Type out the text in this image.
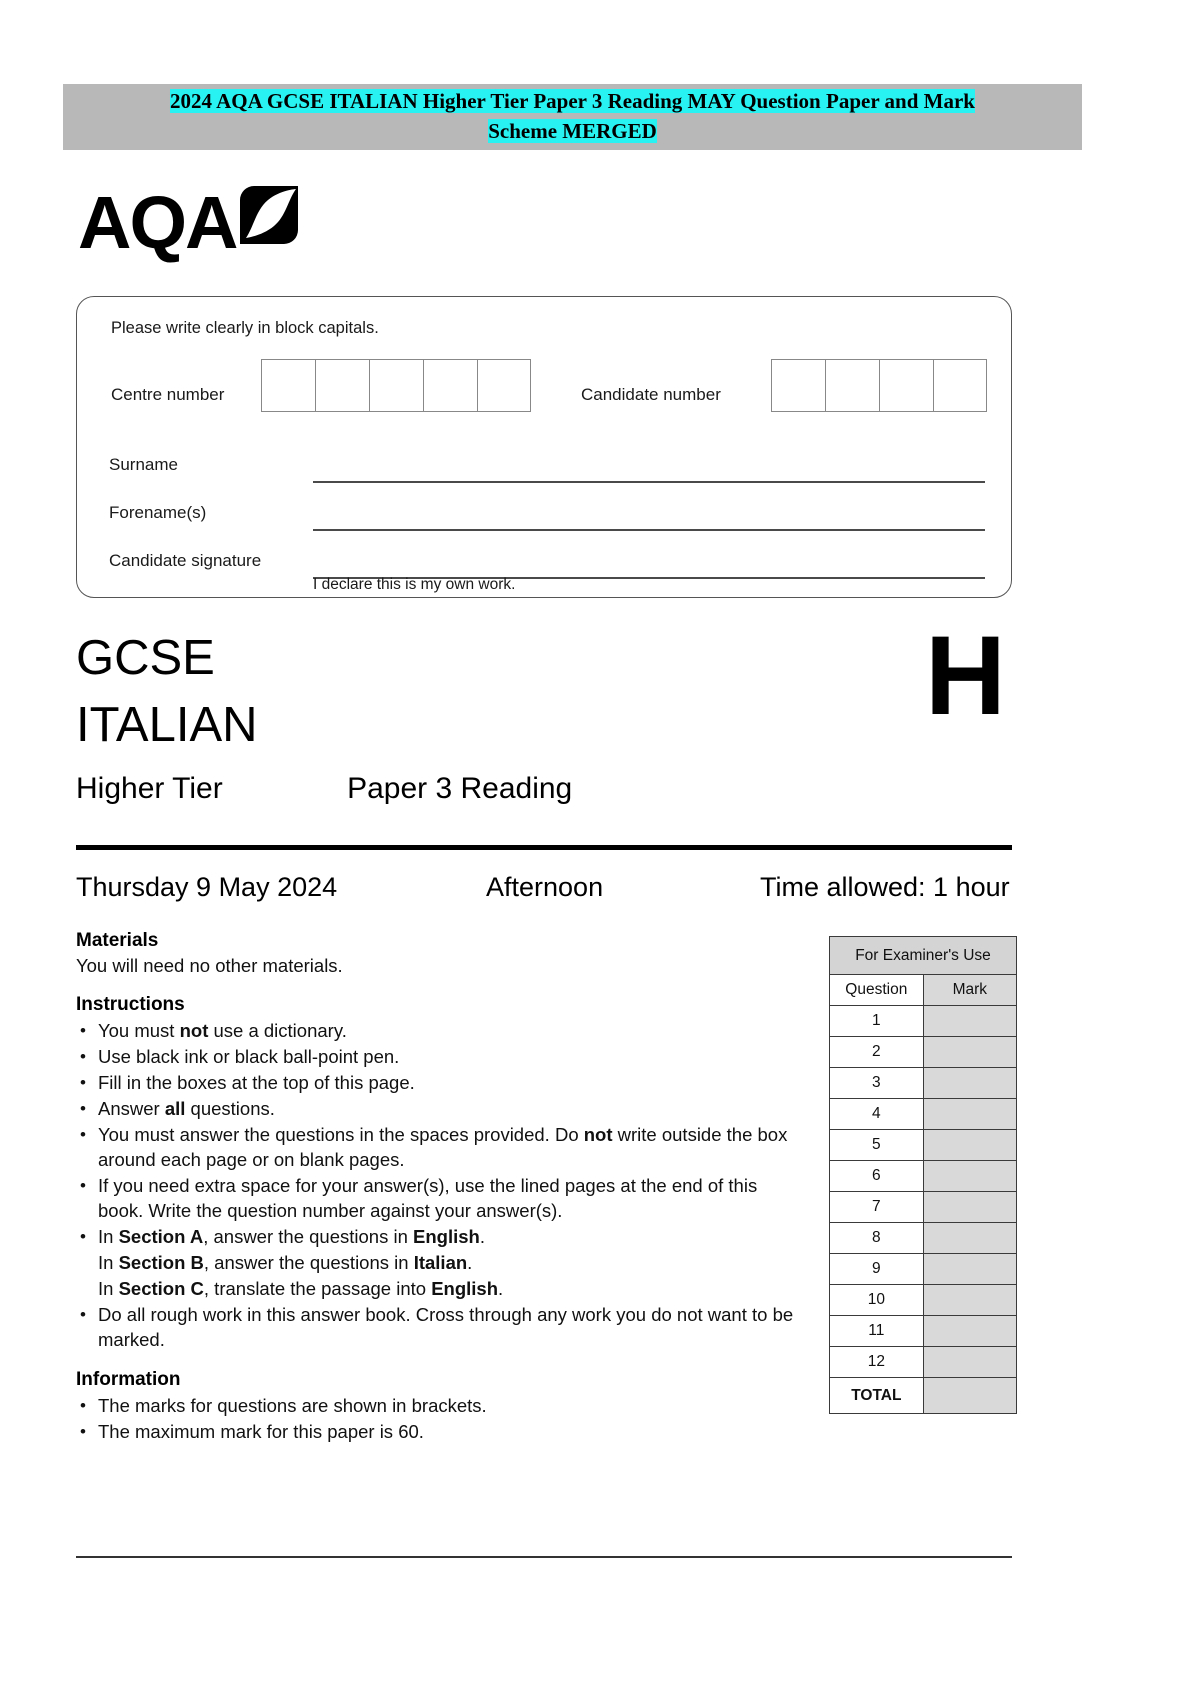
2024 AQA GCSE ITALIAN Higher Tier Paper 3 Reading MAY Question Paper and Mark
Scheme MERGED
AQA
Please write clearly in block capitals.
Centre number	Candidate number
Surname
Forename(s)
Candidate signature
I declare this is my own work.
GCSE
ITALIAN	H
Higher Tier	Paper 3 Reading
Thursday 9 May 2024	Afternoon	Time allowed: 1 hour
Materials

You will need no other materials.

Instructions
• You must not use a dictionary.
• Use black ink or black ball-point pen.
• Fill in the boxes at the top of this page.
• Answer all questions.
• You must answer the questions in the spaces provided. Do not write outside the box around each page or on blank pages.
• If you need extra space for your answer(s), use the lined pages at the end of this book. Write the question number against your answer(s).
• In Section A, answer the questions in English.
In Section B, answer the questions in Italian.
In Section C, translate the passage into English.
• Do all rough work in this answer book. Cross through any work you do not want to be marked.
Information
• The marks for questions are shown in brackets.
• The maximum mark for this paper is 60.
For Examiner's Use	
Question	Mark
1	
2	
3	
4	
5	
6	
7	
8	
9	
10	
11	
12	
TOTAL	
